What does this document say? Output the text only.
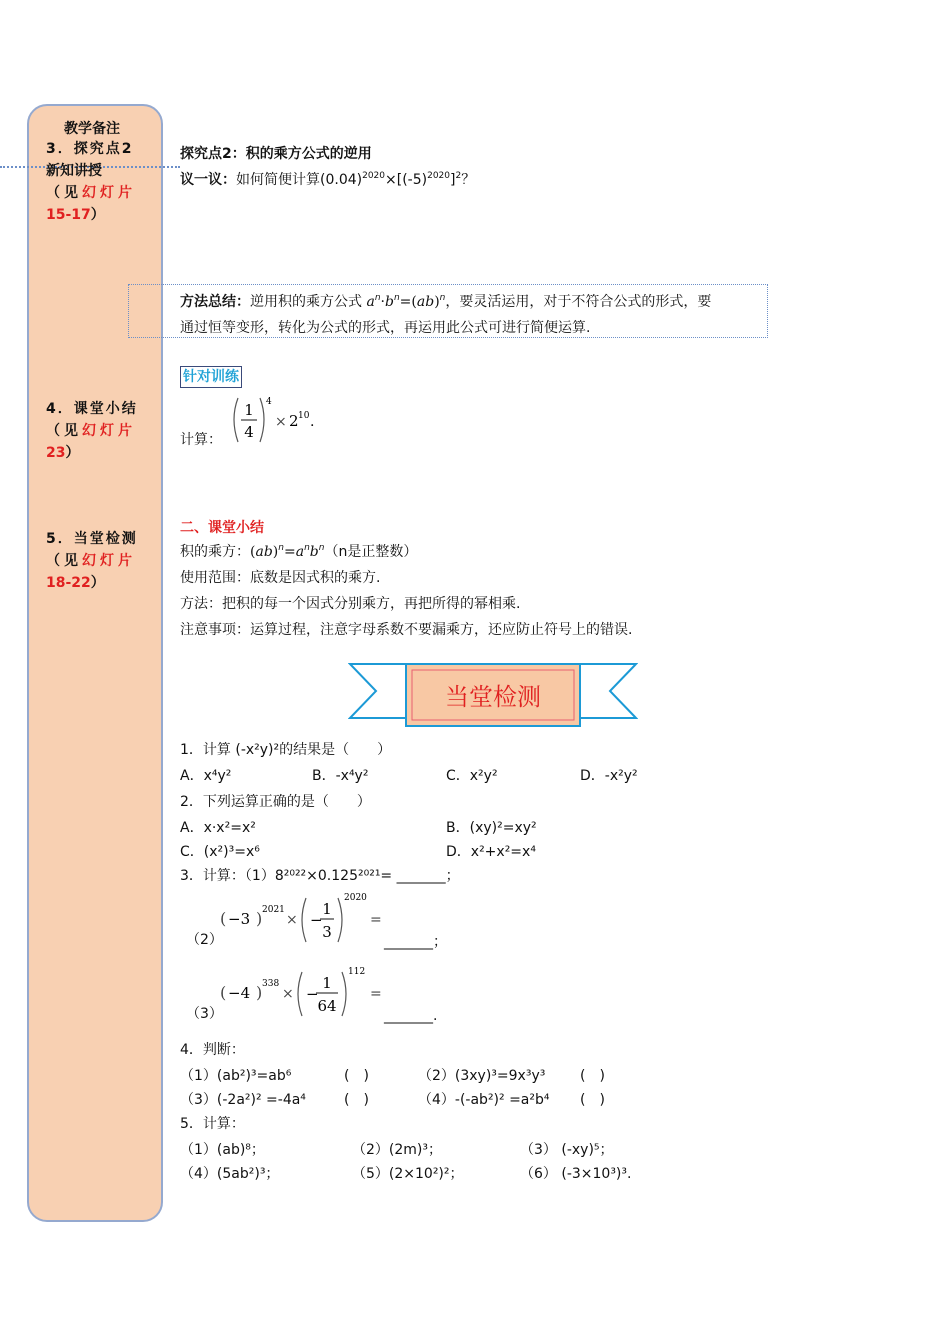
教学备注
3．探究点2
新知讲授
（见幻灯片
15-17）
4．课堂小结
（见幻灯片
23）
5．当堂检测
（见幻灯片
18-22）
探究点2：积的乘方公式的逆用
议一议：如何简便计算$(0.04)^{2020}\times[(-5)^{2020}]^2$？
方法总结：逆用积的乘方公式 $a^n\cdot b^n=(ab)^n$，要灵活运用，对于不符合公式的形式，要
通过恒等变形，转化为公式的形式，再运用此公式可进行简便运算.
针对训练
计算：
1
4
4
× 2 10 .
二、课堂小结
积的乘方：$(ab)^n=a^nb^n(n$是正整数）
使用范围：底数是因式积的乘方.
方法：把积的每一个因式分别乘方，再把所得的幂相乘.
注意事项：运算过程，注意字母系数不要漏乘方，还应防止符号上的错误.
当堂检测
1．计算 (-x²y)²的结果是（　　）
A．x⁴y²	B．-x⁴y²	C．x²y²	D．-x²y²
2．下列运算正确的是（　　）
A．x·x²=x²	B．(xy)²=xy²
C．(x²)³=x⁶	D．x²+x²=x⁴
3．计算：（1）8²⁰²²×0.125²⁰²¹= _______；
（2）
( −3 ) 2021
× −
1
3
2020
=
_______；
（3）
( −4 ) 338
× −
1
64
112
=
_______.
4．判断：
（1）(ab²)³=ab⁶	(　)	（2）(3xy)³=9x³y³ (　)
（3）(-2a²)² =-4a⁴	(　)	（4）-(-ab²)² =a²b⁴ (　)
5．计算：
（1）(ab)⁸；	（2）(2m)³；	（3） (-xy)⁵；
（4）(5ab²)³；	（5）(2×10²)²；	（6） (-3×10³)³.
